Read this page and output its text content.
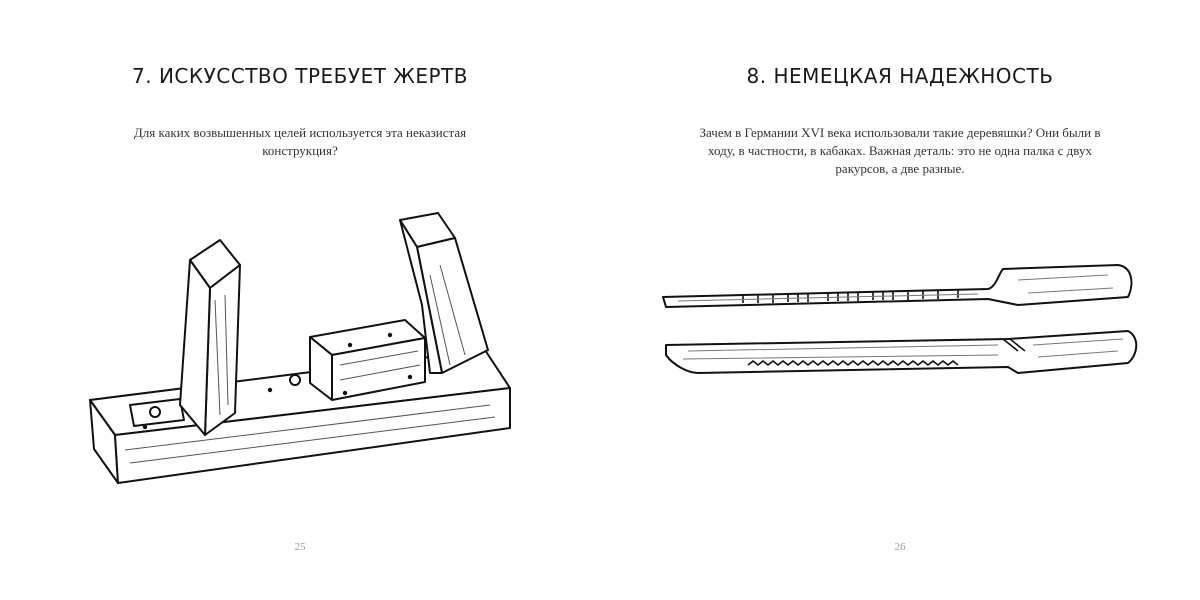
7. ИСКУССТВО ТРЕБУЕТ ЖЕРТВ

Для каких возвышенных целей используется эта неказистая конструкция?

25
8. НЕМЕЦКАЯ НАДЕЖНОСТЬ

Зачем в Германии XVI века использовали такие деревяшки? Они были в ходу, в частности, в кабаках. Важная деталь: это не одна палка с двух ракурсов, а две разные.

26
